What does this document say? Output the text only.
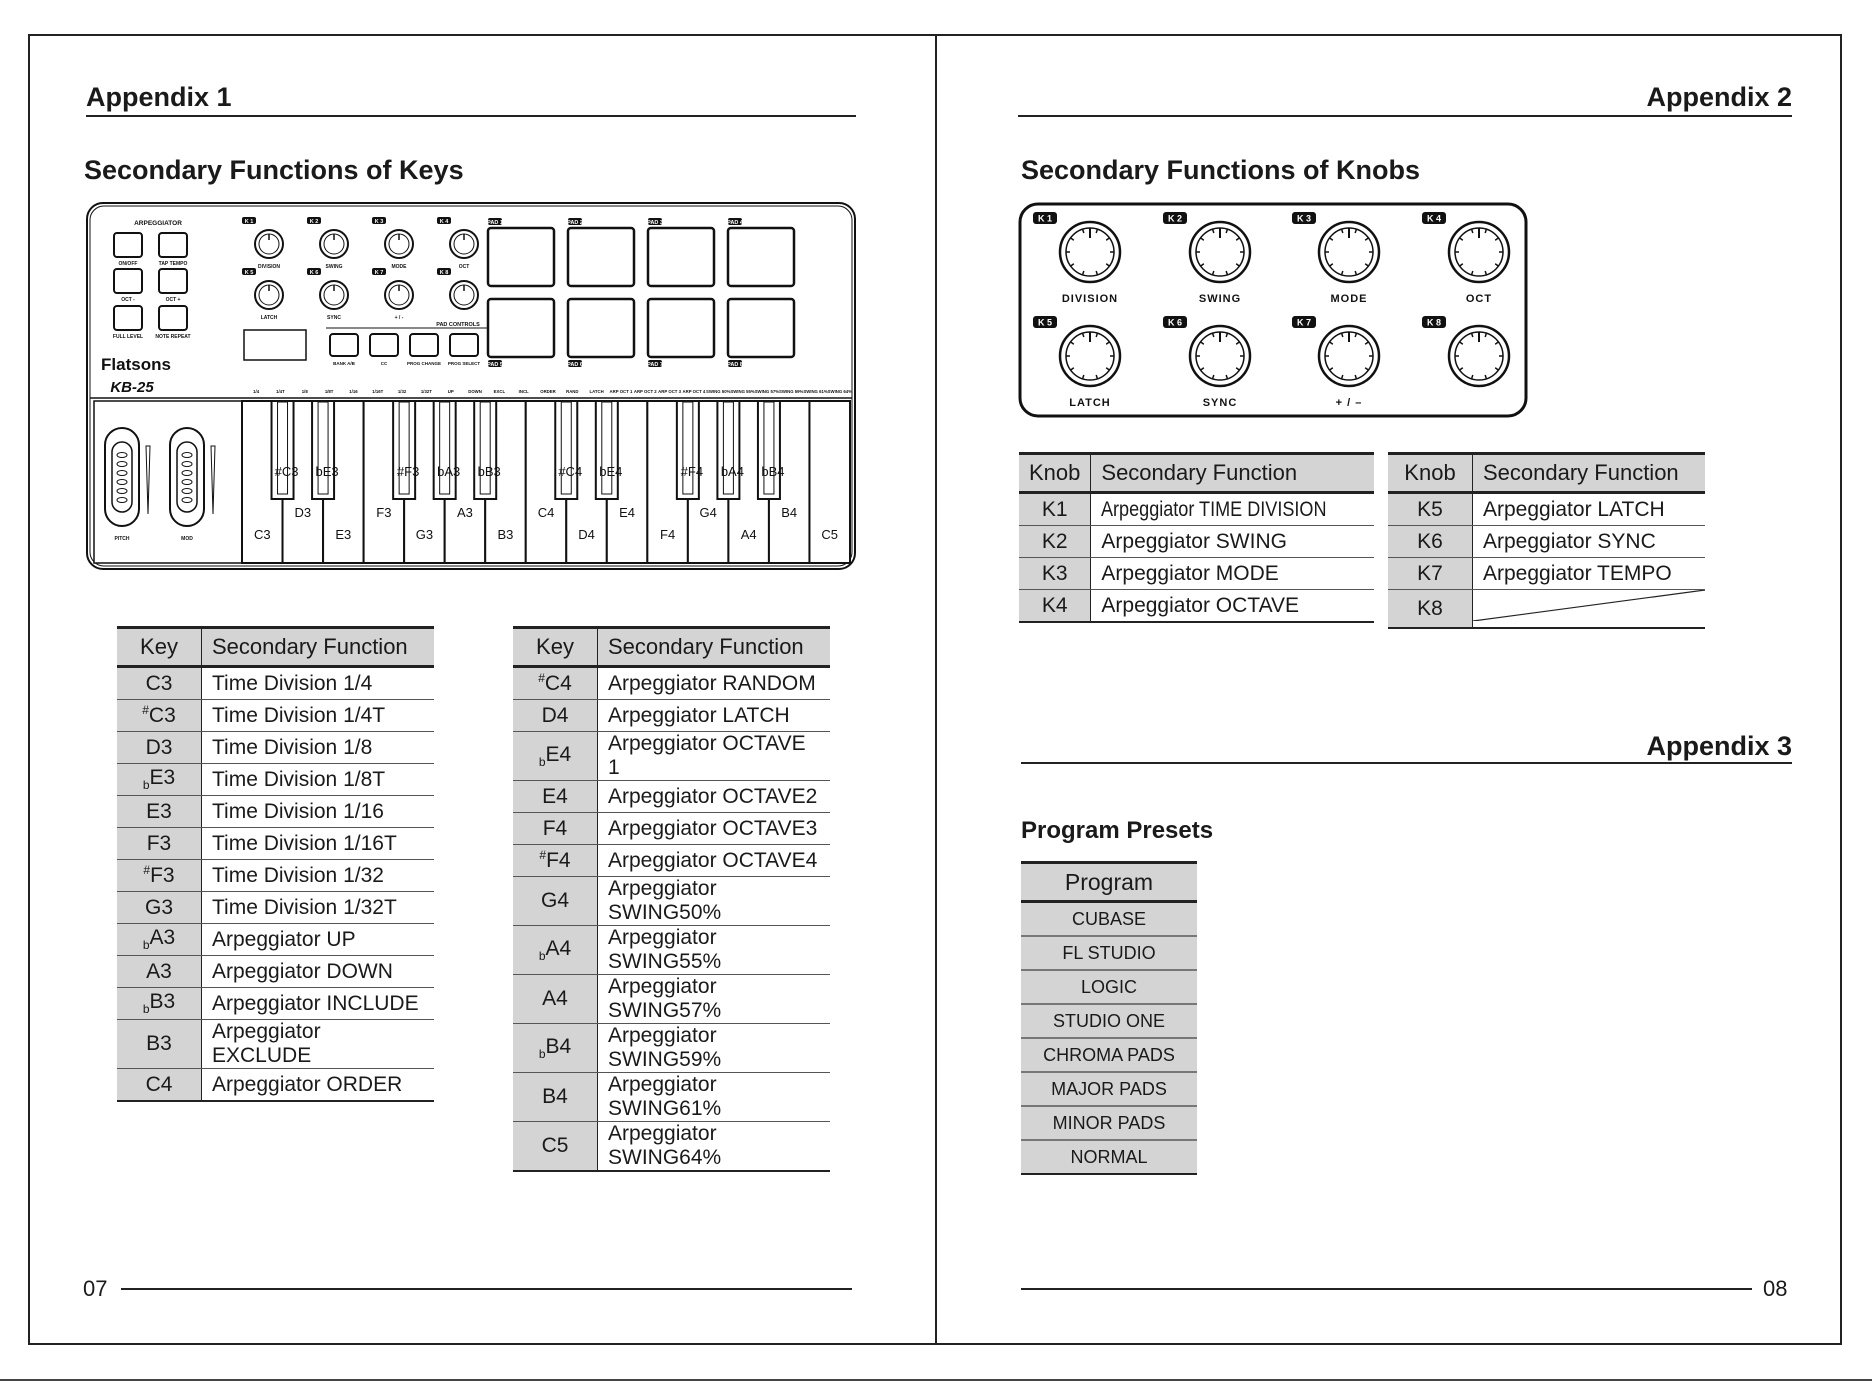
Appendix 1
Secondary Functions of Keys
ARPEGGIATOR
ON/OFF	TAP TEMPO
OCT -	OCT +
FULL LEVEL NOTE REPEAT
K 1
DIVISION
K 2
SWING
K 3
MODE
K 4
OCT
K 5
LATCH
K 6
SYNC
K 7
+ / -
K 8
BANK A/B	CC	PROG CHANGE PROG SELECT
PAD CONTROLS
Flatsons
KB-25
PAD 1	PAD 2	PAD 3	PAD 4
PAD 5	PAD 6	PAD 7	PAD 8
1/4	1/4T	1/8	1/8T	1/16	1/16T	1/32	1/32T	UP	DOWN	EXCL	INCL	ORDER RAND	LATCH ARP OCT 1 ARP OCT 2 ARP OCT 3 ARP OCT 4 SWING 50% SWING 55% SWING 57% SWING 59% SWING 61% SWING 64%
PITCH	MOD	C3
D3
E3
F3
G3
A3
B3
C4
D4
E4
F4
G4
A4
B4
C5
#C3 bE3	#F3 bA3 bB3	#C4 bE4	#F4 bA4 bB4
Key	Secondary Function
C3	Time Division 1/4
#C3	Time Division 1/4T
D3	Time Division 1/8
$_b$E3	Time Division 1/8T
E3	Time Division 1/16
F3	Time Division 1/16T
#F3	Time Division 1/32
G3	Time Division 1/32T
$_b$A3	Arpeggiator UP
A3	Arpeggiator DOWN
$_b$B3	Arpeggiator INCLUDE
B3	Arpeggiator EXCLUDE
C4	Arpeggiator ORDER
Key	Secondary Function
#C4	Arpeggiator RANDOM
D4	Arpeggiator LATCH
$_b$E4	Arpeggiator OCTAVE 1
E4	Arpeggiator OCTAVE2
F4	Arpeggiator OCTAVE3
#F4	Arpeggiator OCTAVE4
G4	Arpeggiator SWING50%
$_b$A4	Arpeggiator SWING55%
A4	Arpeggiator SWING57%
$_b$B4	Arpeggiator SWING59%
B4	Arpeggiator SWING61%
C5	Arpeggiator SWING64%
07
Appendix 2
Secondary Functions of Knobs
K 1
DIVISION
K 2
SWING
K 3
MODE
K 4
OCT
K 5
LATCH
K 6
SYNC
K 7
+ / –
K 8
Knob	Secondary Function
K1	Arpeggiator TIME DIVISION
K2	Arpeggiator SWING
K3	Arpeggiator MODE
K4	Arpeggiator OCTAVE
Knob	Secondary Function
K5	Arpeggiator LATCH
K6	Arpeggiator SYNC
K7	Arpeggiator TEMPO
K8	
Appendix 3
Program Presets
Program
CUBASE
FL STUDIO
LOGIC
STUDIO ONE
CHROMA PADS
MAJOR PADS
MINOR PADS
NORMAL
08
